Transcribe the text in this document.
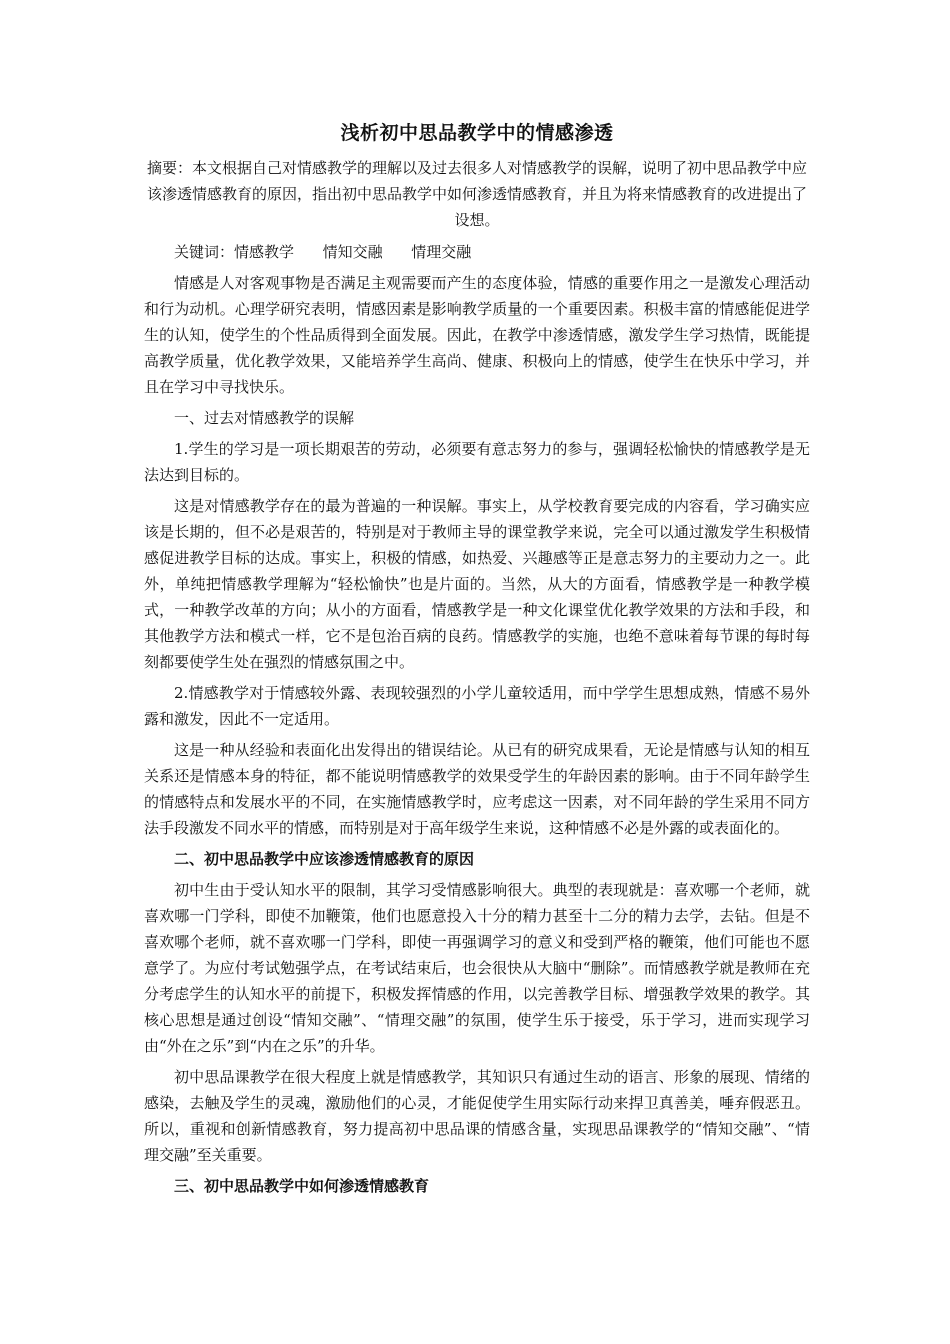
浅析初中思品教学中的情感渗透
摘要：本文根据自己对情感教学的理解以及过去很多人对情感教学的误解，说明了初中思品教学中应该渗透情感教育的原因，指出初中思品教学中如何渗透情感教育，并且为将来情感教育的改进提出了设想。
关键词：情感教学      情知交融      情理交融

情感是人对客观事物是否满足主观需要而产生的态度体验，情感的重要作用之一是激发心理活动和行为动机。心理学研究表明，情感因素是影响教学质量的一个重要因素。积极丰富的情感能促进学生的认知，使学生的个性品质得到全面发展。因此，在教学中渗透情感，激发学生学习热情，既能提高教学质量，优化教学效果，又能培养学生高尚、健康、积极向上的情感，使学生在快乐中学习，并且在学习中寻找快乐。

一、过去对情感教学的误解

1.学生的学习是一项长期艰苦的劳动，必须要有意志努力的参与，强调轻松愉快的情感教学是无法达到目标的。

这是对情感教学存在的最为普遍的一种误解。事实上，从学校教育要完成的内容看，学习确实应该是长期的，但不必是艰苦的，特别是对于教师主导的课堂教学来说，完全可以通过激发学生积极情感促进教学目标的达成。事实上，积极的情感，如热爱、兴趣感等正是意志努力的主要动力之一。此外，单纯把情感教学理解为“轻松愉快”也是片面的。当然，从大的方面看，情感教学是一种教学模式，一种教学改革的方向；从小的方面看，情感教学是一种文化课堂优化教学效果的方法和手段，和其他教学方法和模式一样，它不是包治百病的良药。情感教学的实施，也绝不意味着每节课的每时每刻都要使学生处在强烈的情感氛围之中。

2.情感教学对于情感较外露、表现较强烈的小学儿童较适用，而中学学生思想成熟，情感不易外露和激发，因此不一定适用。

这是一种从经验和表面化出发得出的错误结论。从已有的研究成果看，无论是情感与认知的相互关系还是情感本身的特征，都不能说明情感教学的效果受学生的年龄因素的影响。由于不同年龄学生的情感特点和发展水平的不同，在实施情感教学时，应考虑这一因素，对不同年龄的学生采用不同方法手段激发不同水平的情感，而特别是对于高年级学生来说，这种情感不必是外露的或表面化的。

二、初中思品教学中应该渗透情感教育的原因

初中生由于受认知水平的限制，其学习受情感影响很大。典型的表现就是：喜欢哪一个老师，就喜欢哪一门学科，即使不加鞭策，他们也愿意投入十分的精力甚至十二分的精力去学，去钻。但是不喜欢哪个老师，就不喜欢哪一门学科，即使一再强调学习的意义和受到严格的鞭策，他们可能也不愿意学了。为应付考试勉强学点，在考试结束后，也会很快从大脑中“删除”。而情感教学就是教师在充分考虑学生的认知水平的前提下，积极发挥情感的作用，以完善教学目标、增强教学效果的教学。其核心思想是通过创设“情知交融”、“情理交融”的氛围，使学生乐于接受，乐于学习，进而实现学习由“外在之乐”到“内在之乐”的升华。

初中思品课教学在很大程度上就是情感教学，其知识只有通过生动的语言、形象的展现、情绪的感染，去触及学生的灵魂，激励他们的心灵，才能促使学生用实际行动来捍卫真善美，唾弃假恶丑。所以，重视和创新情感教育，努力提高初中思品课的情感含量，实现思品课教学的“情知交融”、“情理交融”至关重要。

三、初中思品教学中如何渗透情感教育
